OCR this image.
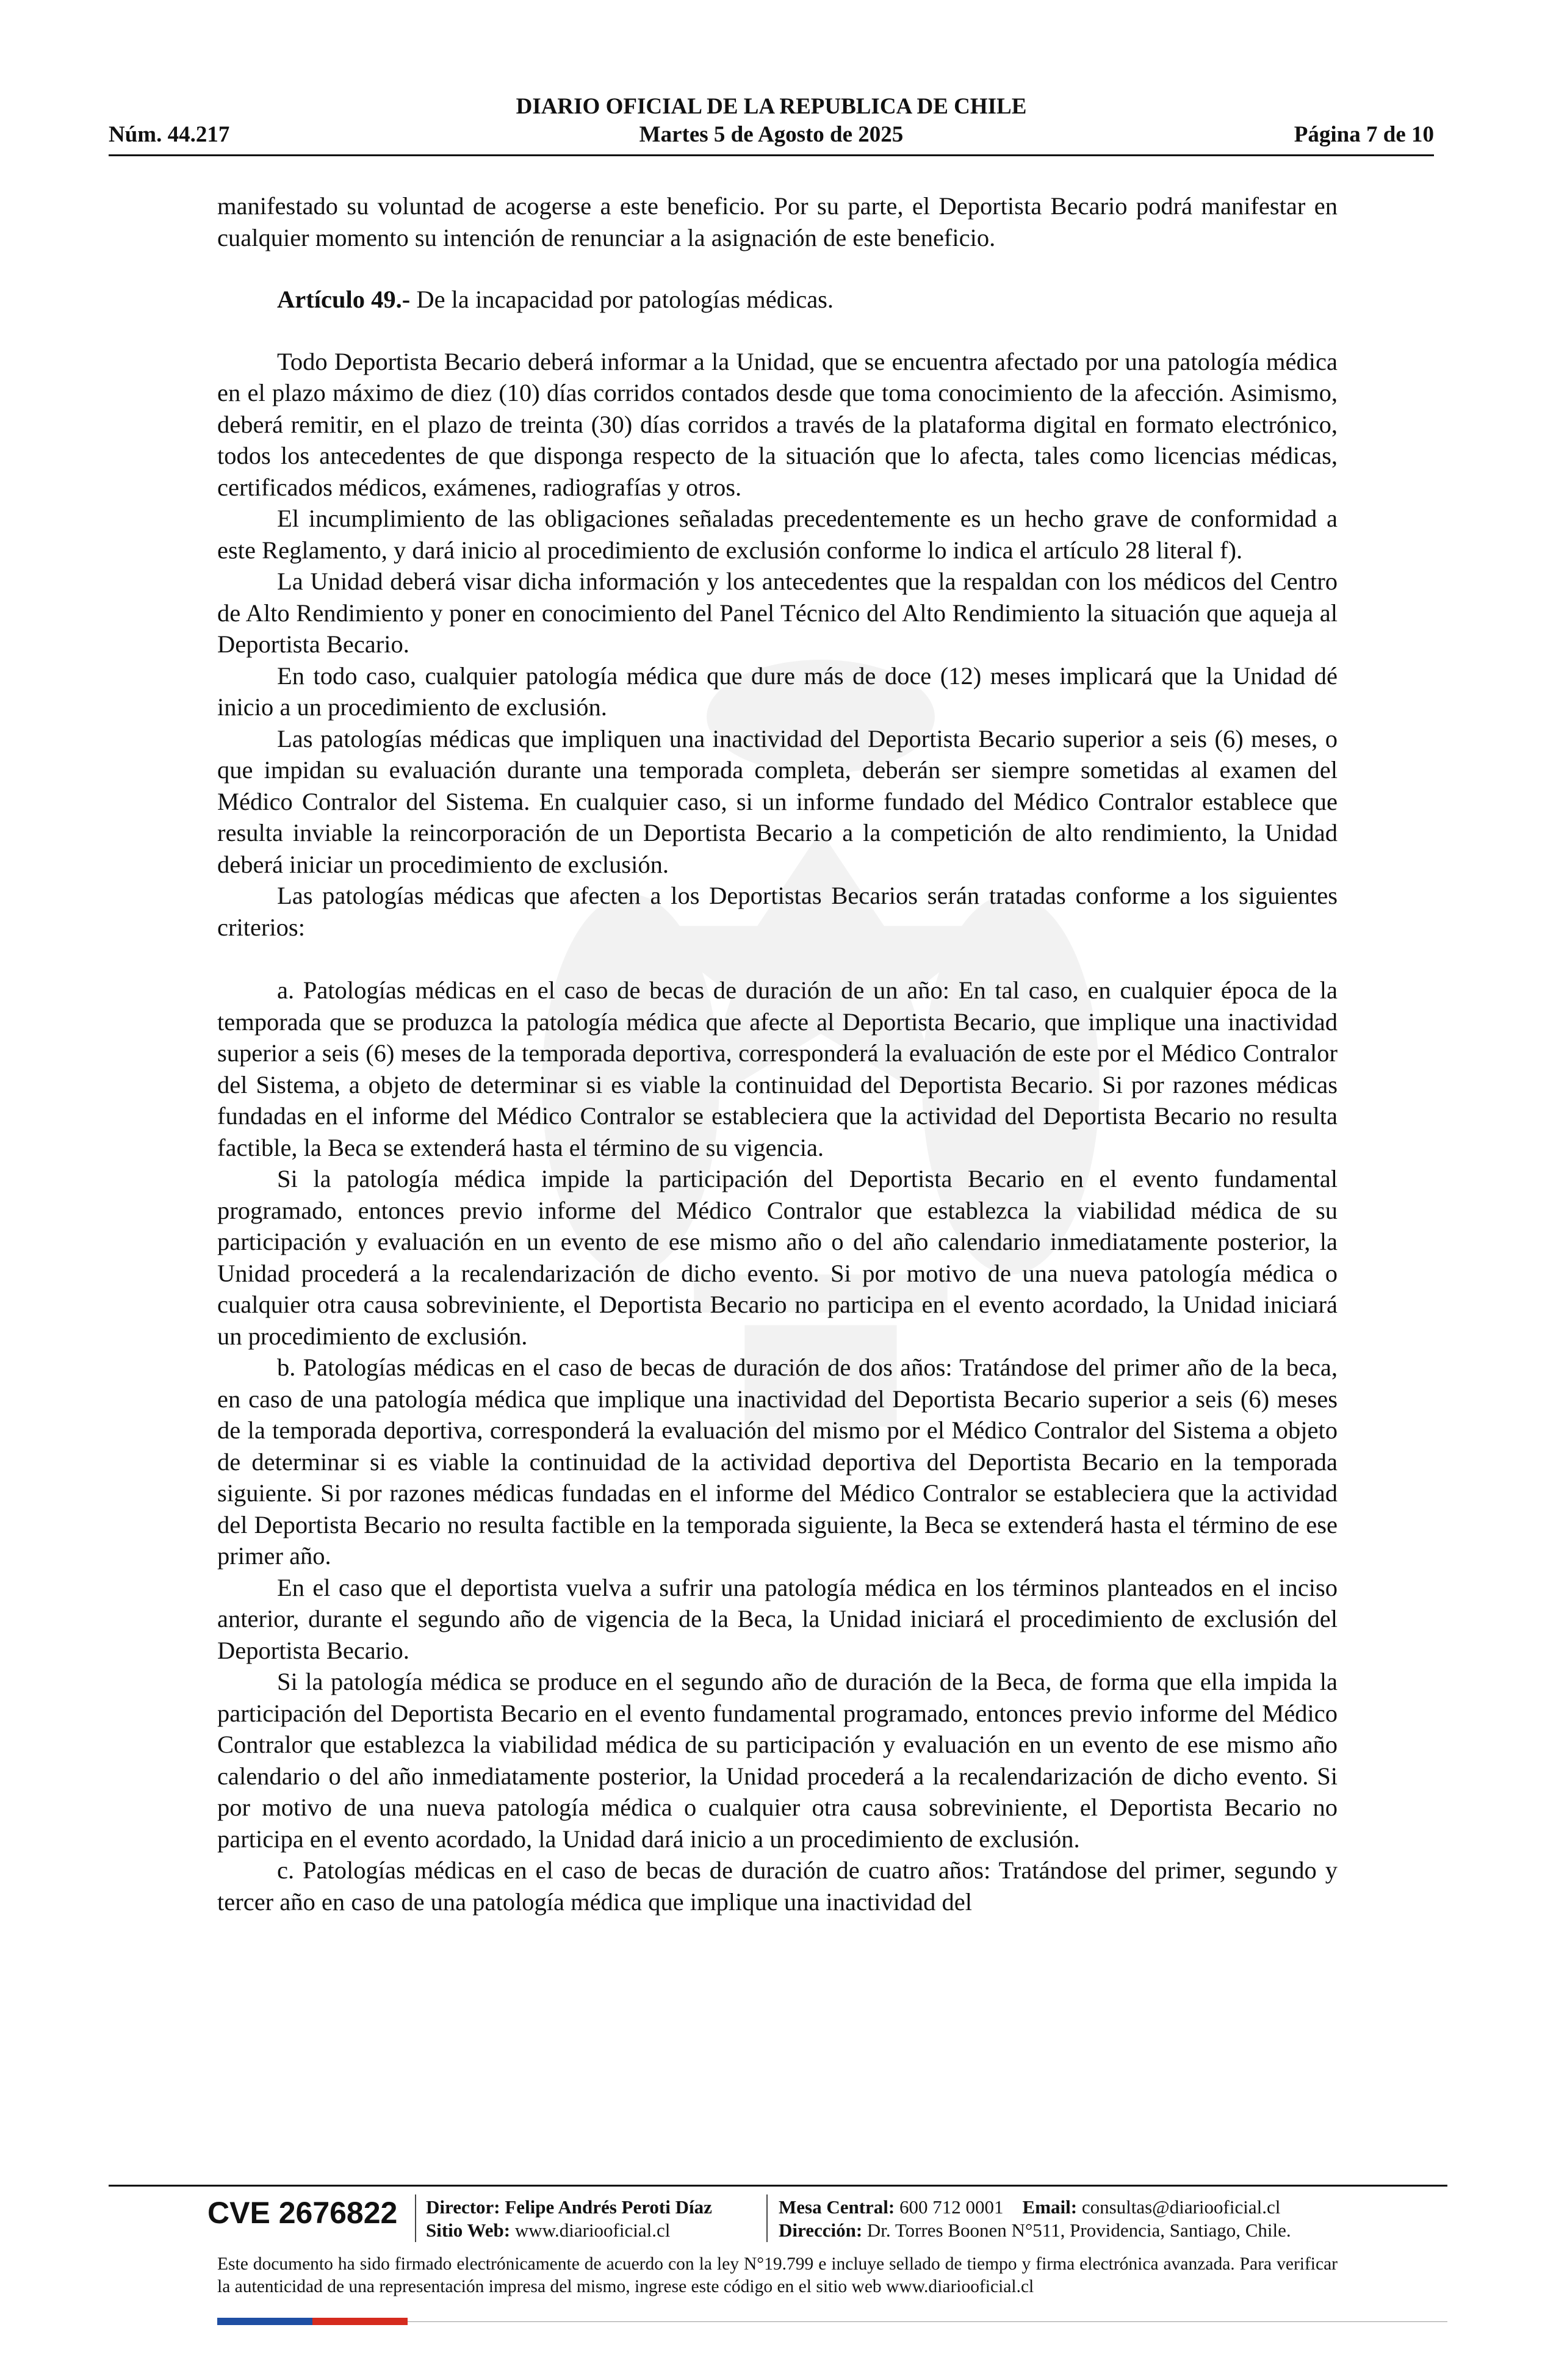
DIARIO OFICIAL DE LA REPUBLICA DE CHILE
Martes 5 de Agosto de 2025
Núm. 44.217	Página 7 de 10

manifestado su voluntad de acogerse a este beneficio. Por su parte, el Deportista Becario podrá manifestar en cualquier momento su intención de renunciar a la asignación de este beneficio.

Artículo 49.- De la incapacidad por patologías médicas.

Todo Deportista Becario deberá informar a la Unidad, que se encuentra afectado por una patología médica en el plazo máximo de diez (10) días corridos contados desde que toma conocimiento de la afección. Asimismo, deberá remitir, en el plazo de treinta (30) días corridos a través de la plataforma digital en formato electrónico, todos los antecedentes de que disponga respecto de la situación que lo afecta, tales como licencias médicas, certificados médicos, exámenes, radiografías y otros.

El incumplimiento de las obligaciones señaladas precedentemente es un hecho grave de conformidad a este Reglamento, y dará inicio al procedimiento de exclusión conforme lo indica el artículo 28 literal f).

La Unidad deberá visar dicha información y los antecedentes que la respaldan con los médicos del Centro de Alto Rendimiento y poner en conocimiento del Panel Técnico del Alto Rendimiento la situación que aqueja al Deportista Becario.

En todo caso, cualquier patología médica que dure más de doce (12) meses implicará que la Unidad dé inicio a un procedimiento de exclusión.

Las patologías médicas que impliquen una inactividad del Deportista Becario superior a seis (6) meses, o que impidan su evaluación durante una temporada completa, deberán ser siempre sometidas al examen del Médico Contralor del Sistema. En cualquier caso, si un informe fundado del Médico Contralor establece que resulta inviable la reincorporación de un Deportista Becario a la competición de alto rendimiento, la Unidad deberá iniciar un procedimiento de exclusión.

Las patologías médicas que afecten a los Deportistas Becarios serán tratadas conforme a los siguientes criterios:

a. Patologías médicas en el caso de becas de duración de un año: En tal caso, en cualquier época de la temporada que se produzca la patología médica que afecte al Deportista Becario, que implique una inactividad superior a seis (6) meses de la temporada deportiva, corresponderá la evaluación de este por el Médico Contralor del Sistema, a objeto de determinar si es viable la continuidad del Deportista Becario. Si por razones médicas fundadas en el informe del Médico Contralor se estableciera que la actividad del Deportista Becario no resulta factible, la Beca se extenderá hasta el término de su vigencia.

Si la patología médica impide la participación del Deportista Becario en el evento fundamental programado, entonces previo informe del Médico Contralor que establezca la viabilidad médica de su participación y evaluación en un evento de ese mismo año o del año calendario inmediatamente posterior, la Unidad procederá a la recalendarización de dicho evento. Si por motivo de una nueva patología médica o cualquier otra causa sobreviniente, el Deportista Becario no participa en el evento acordado, la Unidad iniciará un procedimiento de exclusión.

b. Patologías médicas en el caso de becas de duración de dos años: Tratándose del primer año de la beca, en caso de una patología médica que implique una inactividad del Deportista Becario superior a seis (6) meses de la temporada deportiva, corresponderá la evaluación del mismo por el Médico Contralor del Sistema a objeto de determinar si es viable la continuidad de la actividad deportiva del Deportista Becario en la temporada siguiente. Si por razones médicas fundadas en el informe del Médico Contralor se estableciera que la actividad del Deportista Becario no resulta factible en la temporada siguiente, la Beca se extenderá hasta el término de ese primer año.

En el caso que el deportista vuelva a sufrir una patología médica en los términos planteados en el inciso anterior, durante el segundo año de vigencia de la Beca, la Unidad iniciará el procedimiento de exclusión del Deportista Becario.

Si la patología médica se produce en el segundo año de duración de la Beca, de forma que ella impida la participación del Deportista Becario en el evento fundamental programado, entonces previo informe del Médico Contralor que establezca la viabilidad médica de su participación y evaluación en un evento de ese mismo año calendario o del año inmediatamente posterior, la Unidad procederá a la recalendarización de dicho evento. Si por motivo de una nueva patología médica o cualquier otra causa sobreviniente, el Deportista Becario no participa en el evento acordado, la Unidad dará inicio a un procedimiento de exclusión.

c. Patologías médicas en el caso de becas de duración de cuatro años: Tratándose del primer, segundo y tercer año en caso de una patología médica que implique una inactividad del

CVE 2676822 Director: Felipe Andrés Peroti Díaz
Sitio Web: www.diariooficial.cl
Mesa Central: 600 712 0001 Email: consultas@diariooficial.cl
Dirección: Dr. Torres Boonen N°511, Providencia, Santiago, Chile.
Este documento ha sido firmado electrónicamente de acuerdo con la ley N°19.799 e incluye sellado de tiempo y firma electrónica avanzada. Para verificar la autenticidad de una representación impresa del mismo, ingrese este código en el sitio web www.diariooficial.cl
